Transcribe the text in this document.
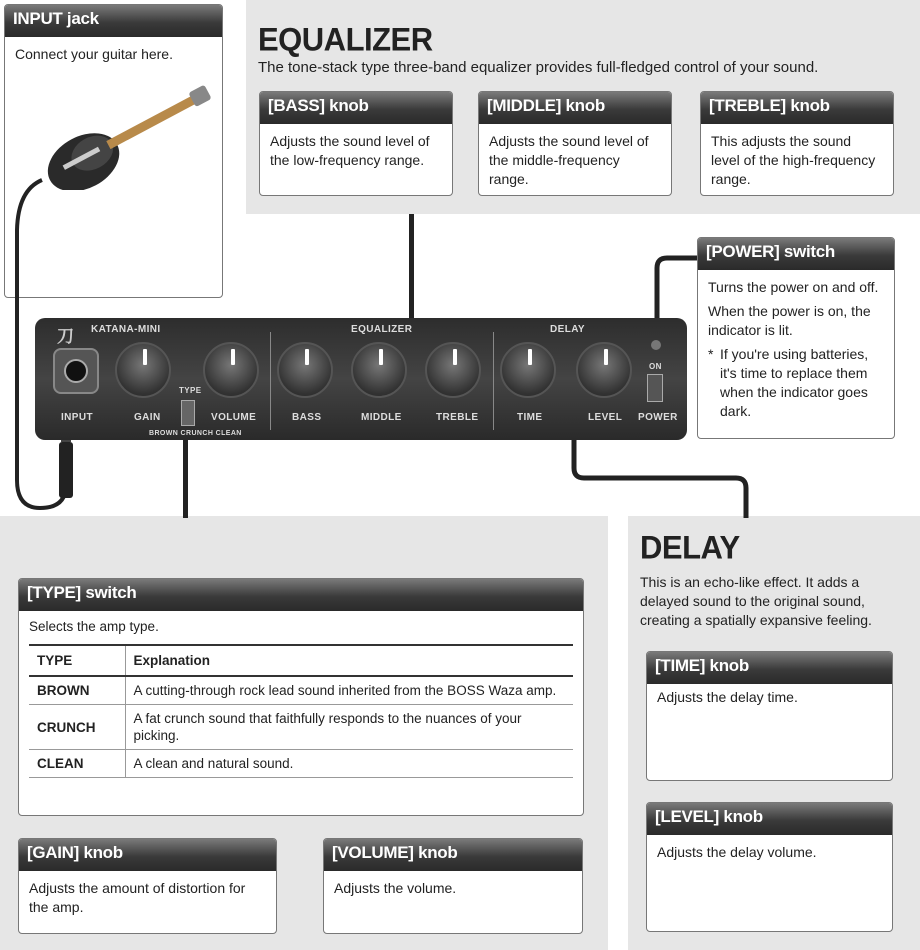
INPUT jack
Connect your guitar here.	EQUALIZER
The tone-stack type three-band equalizer provides full-fledged control of your sound.
[BASS] knob
Adjusts the sound level of the low-frequency range.
[MIDDLE] knob
Adjusts the sound level of the middle-frequency range.
[TREBLE] knob
This adjusts the sound level of the high-frequency range.
[POWER] switch
Turns the power on and off.
When the power is on, the indicator is lit.
* If you're using batteries, it's time to replace them when the indicator goes dark.
刀 KATANA-MINI	EQUALIZER	DELAY
TYPE
BROWN CRUNCH CLEAN
ON
INPUT	GAIN	VOLUME	BASS	MIDDLE	TREBLE	TIME	LEVEL POWER
[TYPE] switch
Selects the amp type.
TYPE	Explanation
BROWN	A cutting-through rock lead sound inherited from the BOSS Waza amp.
CRUNCH	A fat crunch sound that faithfully responds to the nuances of your picking.
CLEAN	A clean and natural sound.
[GAIN] knob
Adjusts the amount of distortion for the amp.
[VOLUME] knob
Adjusts the volume.
DELAY
This is an echo-like effect. It adds a delayed sound to the original sound, creating a spatially expansive feeling.
[TIME] knob
Adjusts the delay time.
[LEVEL] knob
Adjusts the delay volume.
